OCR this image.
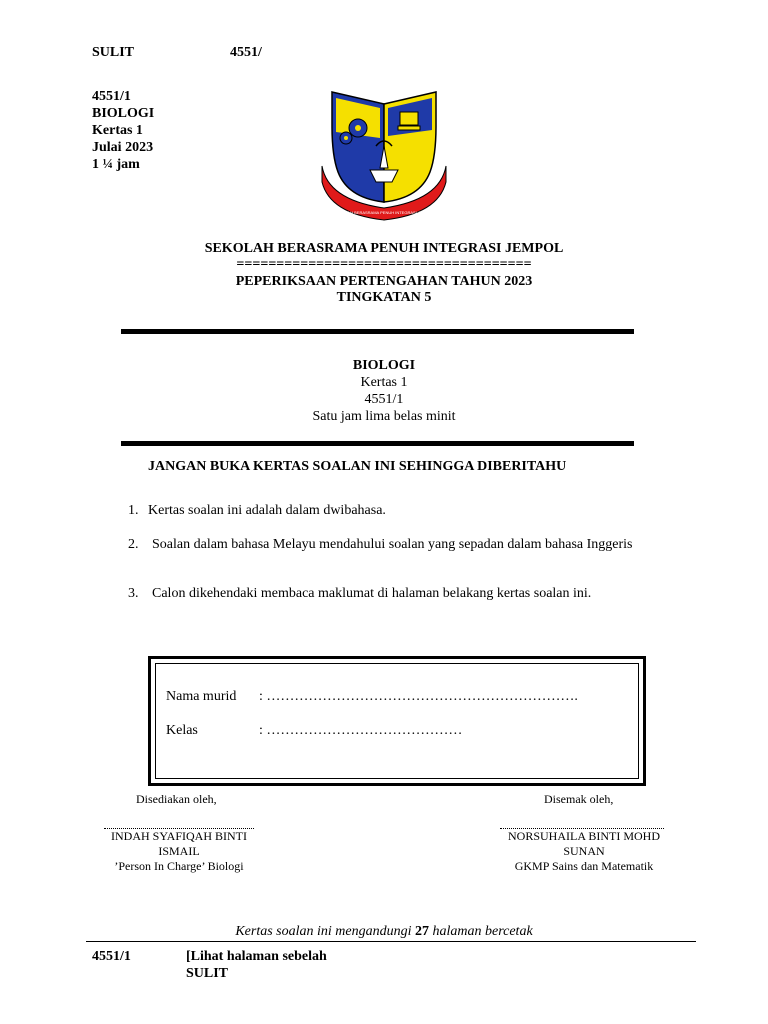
SULIT	4551/
4551/1
BIOLOGI
Kertas 1
Julai 2023
1 ¼ jam
SEKOLAH BERASRAMA PENUH INTEGRASI JEMPOL
SEKOLAH BERASRAMA PENUH INTEGRASI JEMPOL
=====================================
PEPERIKSAAN PERTENGAHAN TAHUN 2023
TINGKATAN 5
BIOLOGI
Kertas 1
4551/1
Satu jam lima belas minit
JANGAN BUKA KERTAS SOALAN INI SEHINGGA DIBERITAHU
1. Kertas soalan ini adalah dalam dwibahasa.
2. Soalan dalam bahasa Melayu mendahului soalan yang sepadan dalam bahasa Inggeris
3. Calon dikehendaki membaca maklumat di halaman belakang kertas soalan ini.
Nama murid : ………………………………………………………….
Kelas	: ……………………………………
Disediakan oleh,	Disemak oleh,
INDAH SYAFIQAH BINTI
ISMAIL
’Person In Charge’ Biologi
NORSUHAILA BINTI MOHD
SUNAN
GKMP Sains dan Matematik
Kertas soalan ini mengandungi 27 halaman bercetak
4551/1	[Lihat halaman sebelah
SULIT
